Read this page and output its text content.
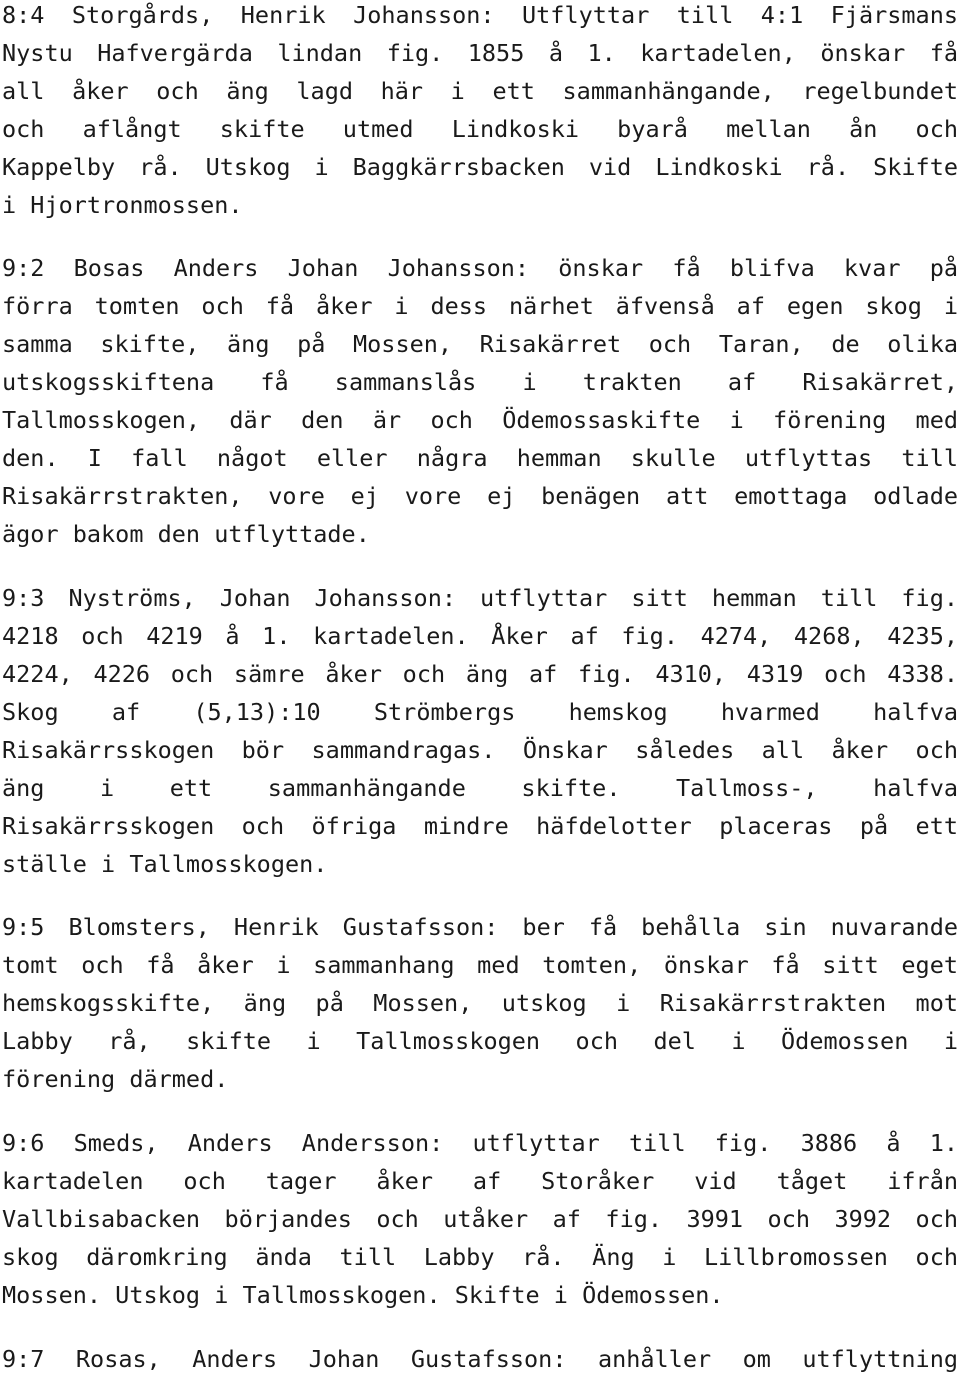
8:4 Storgårds, Henrik Johansson: Utflyttar till 4:1 Fjärsmans
Nystu Hafvergärda lindan fig. 1855 å 1. kartadelen, önskar få
all åker och äng lagd här i ett sammanhängande, regelbundet
och aflångt skifte utmed Lindkoski byarå mellan ån och
Kappelby rå. Utskog i Baggkärrsbacken vid Lindkoski rå. Skifte
i Hjortronmossen.
9:2 Bosas Anders Johan Johansson: önskar få blifva kvar på
förra tomten och få åker i dess närhet äfvenså af egen skog i
samma skifte, äng på Mossen, Risakärret och Taran, de olika
utskogsskiftena få sammanslås i trakten af Risakärret,
Tallmosskogen, där den är och Ödemossaskifte i förening med
den. I fall något eller några hemman skulle utflyttas till
Risakärrstrakten, vore ej vore ej benägen att emottaga odlade
ägor bakom den utflyttade.
9:3 Nyströms, Johan Johansson: utflyttar sitt hemman till fig.
4218 och 4219 å 1. kartadelen. Åker af fig. 4274, 4268, 4235,
4224, 4226 och sämre åker och äng af fig. 4310, 4319 och 4338.
Skog af (5,13):10 Strömbergs hemskog hvarmed halfva
Risakärrsskogen bör sammandragas. Önskar således all åker och
äng i ett sammanhängande skifte. Tallmoss-, halfva
Risakärrsskogen och öfriga mindre häfdelotter placeras på ett
ställe i Tallmosskogen.
9:5 Blomsters, Henrik Gustafsson: ber få behålla sin nuvarande
tomt och få åker i sammanhang med tomten, önskar få sitt eget
hemskogsskifte, äng på Mossen, utskog i Risakärrstrakten mot
Labby rå, skifte i Tallmosskogen och del i Ödemossen i
förening därmed.
9:6 Smeds, Anders Andersson: utflyttar till fig. 3886 å 1.
kartadelen och tager åker af Storåker vid tåget ifrån
Vallbisabacken börjandes och utåker af fig. 3991 och 3992 och
skog däromkring ända till Labby rå. Äng i Lillbromossen och
Mossen. Utskog i Tallmosskogen. Skifte i Ödemossen.
9:7 Rosas, Anders Johan Gustafsson: anhåller om utflyttning
